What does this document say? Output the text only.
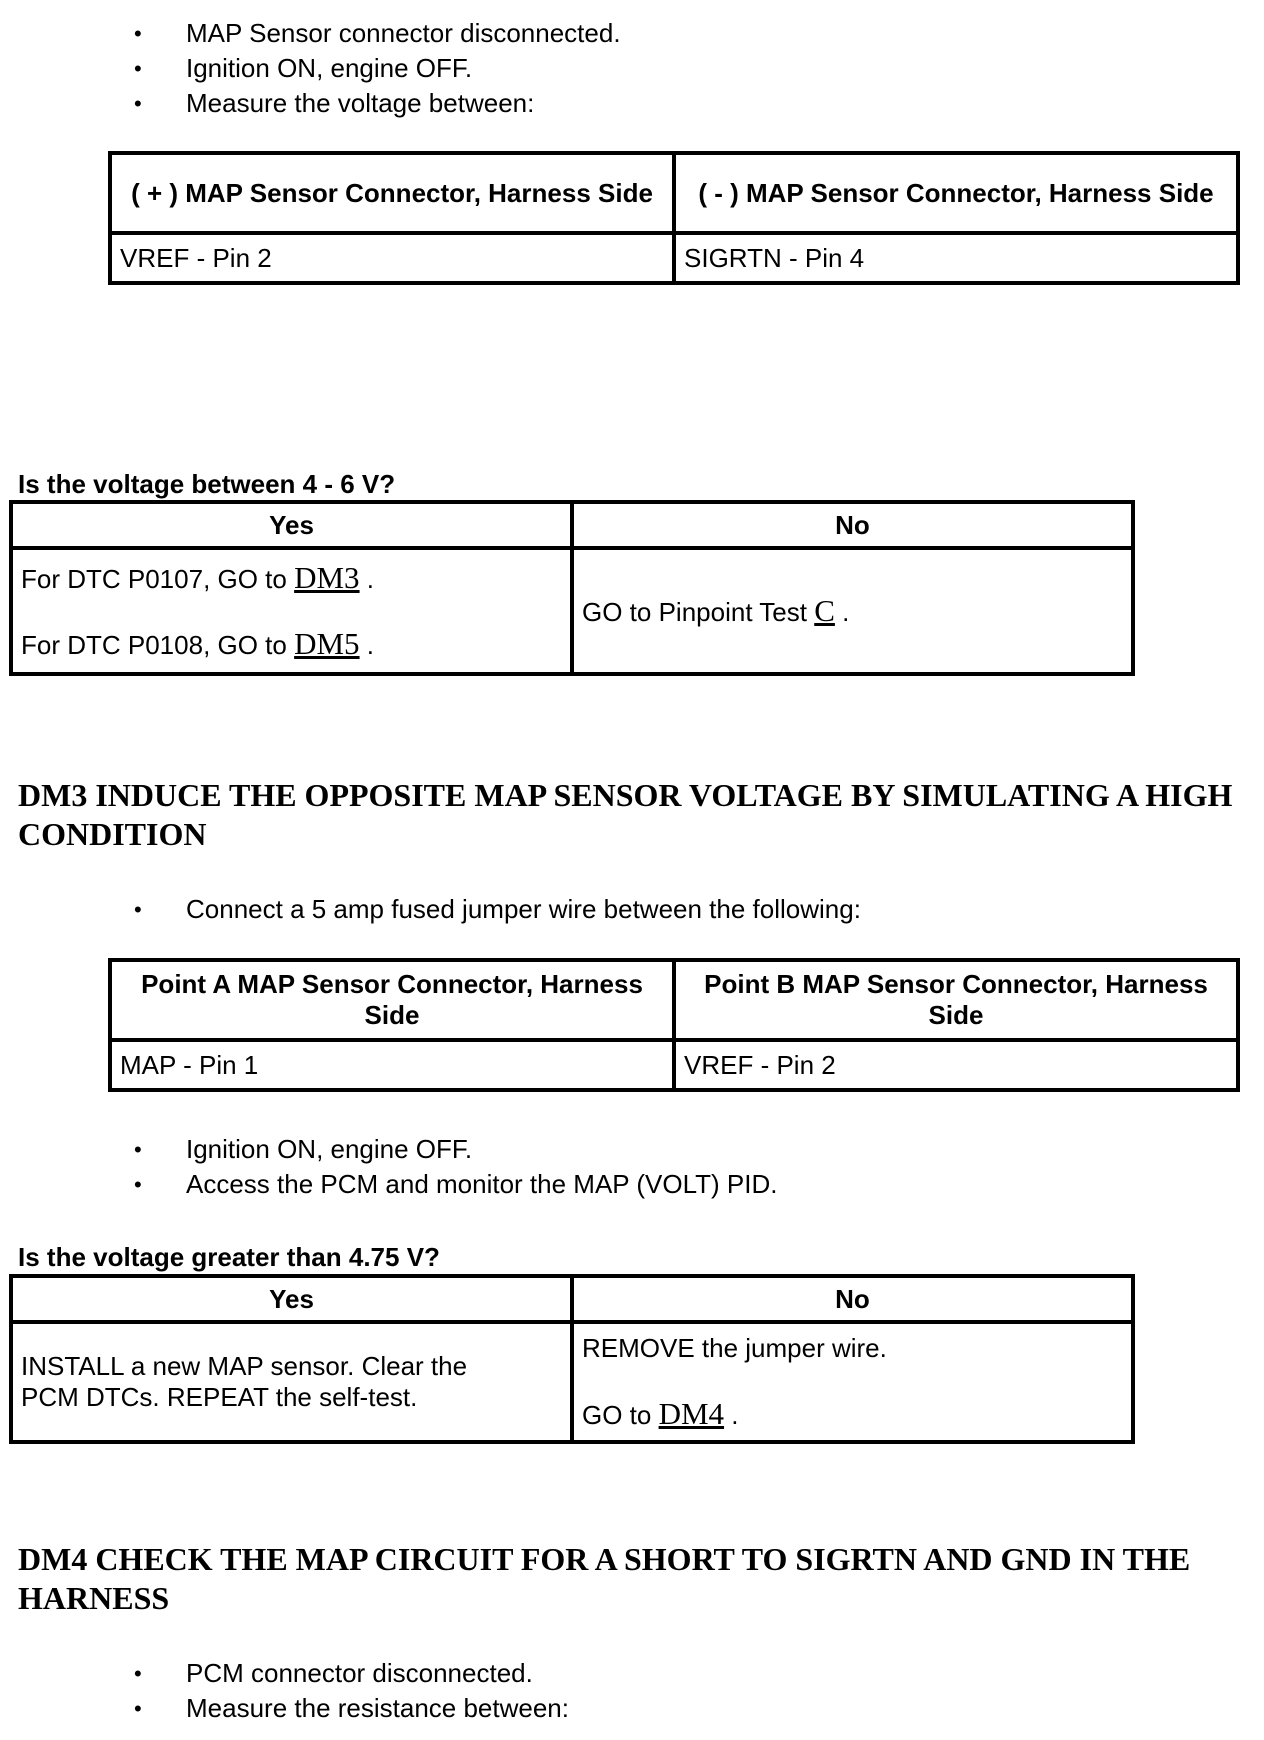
• MAP Sensor connector disconnected.
• Ignition ON, engine OFF.
• Measure the voltage between:
( + ) MAP Sensor Connector, Harness Side	( - ) MAP Sensor Connector, Harness Side
VREF - Pin 2	SIGRTN - Pin 4

Is the voltage between 4 - 6 V?

Yes	No

For DTC P0107, GO to DM3 .
For DTC P0108, GO to DM5 .	GO to Pinpoint Test C .
DM3 INDUCE THE OPPOSITE MAP SENSOR VOLTAGE BY SIMULATING A HIGH CONDITION
• Connect a 5 amp fused jumper wire between the following:
Point A MAP Sensor Connector, Harness Side	Point B MAP Sensor Connector, Harness Side
MAP - Pin 1	VREF - Pin 2
• Ignition ON, engine OFF.
• Access the PCM and monitor the MAP (VOLT) PID.

Is the voltage greater than 4.75 V?

Yes	No

INSTALL a new MAP sensor. Clear the
PCM DTCs. REPEAT the self-test.	REMOVE the jumper wire.
GO to DM4 .
DM4 CHECK THE MAP CIRCUIT FOR A SHORT TO SIGRTN AND GND IN THE HARNESS
• PCM connector disconnected.
• Measure the resistance between:
